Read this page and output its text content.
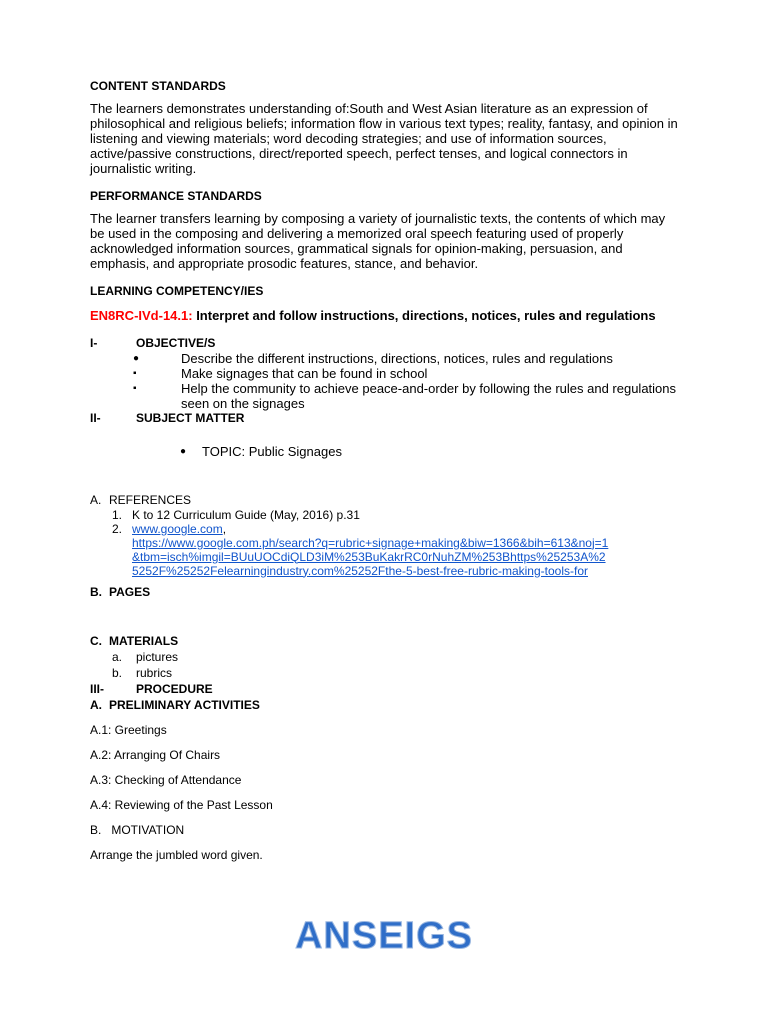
CONTENT STANDARDS

The learners demonstrates understanding of:South and West Asian literature as an expression of philosophical and religious beliefs; information flow in various text types; reality, fantasy, and opinion in listening and viewing materials; word decoding strategies; and use of information sources, active/passive constructions, direct/reported speech, perfect tenses, and logical connectors in journalistic writing.

PERFORMANCE STANDARDS

The learner transfers learning by composing a variety of journalistic texts, the contents of which may be used in the composing and delivering a memorized oral speech featuring used of properly acknowledged information sources, grammatical signals for opinion-making, persuasion, and emphasis, and appropriate prosodic features, stance, and behavior.

LEARNING COMPETENCY/IES

EN8RC-IVd-14.1: Interpret and follow instructions, directions, notices, rules and regulations
I-	OBJECTIVE/S
●	Describe the different instructions, directions, notices, rules and regulations
▪	Make signages that can be found in school
▪	Help the community to achieve peace-and-order by following the rules and regulations seen on the signages
II-	SUBJECT MATTER
● TOPIC: Public Signages
A. REFERENCES
1. K to 12 Curriculum Guide (May, 2016) p.31
2. www.google.com,
https://www.google.com.ph/search?q=rubric+signage+making&biw=1366&bih=613&noj=1&tbm=isch%imgil=BUuUOCdiQLD3iM%253BuKakrRC0rNuhZM%253Bhttps%25253A%25252F%25252Felearningindustry.com%25252Fthe-5-best-free-rubric-making-tools-for
B. PAGES
C. MATERIALS
a.	pictures
b.	rubrics
III-	PROCEDURE
A. PRELIMINARY ACTIVITIES

A.1: Greetings

A.2: Arranging Of Chairs

A.3: Checking of Attendance

A.4: Reviewing of the Past Lesson

B.   MOTIVATION

Arrange the jumbled word given.

ANSEIGS
